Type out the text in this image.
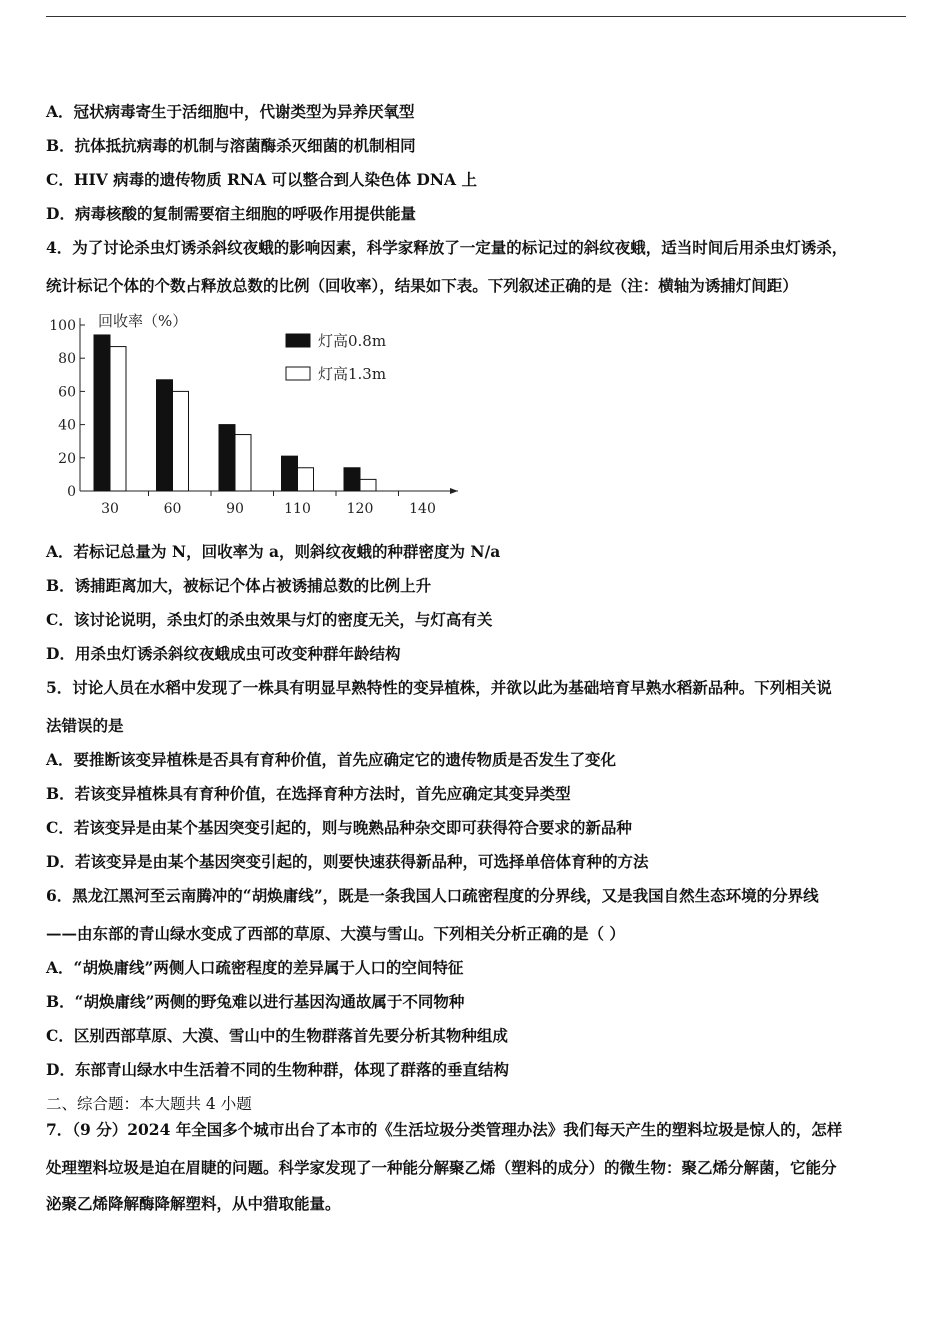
A．冠状病毒寄生于活细胞中，代谢类型为异养厌氧型
B．抗体抵抗病毒的机制与溶菌酶杀灭细菌的机制相同
C．HIV 病毒的遗传物质 RNA 可以整合到人染色体 DNA 上
D．病毒核酸的复制需要宿主细胞的呼吸作用提供能量
4．为了讨论杀虫灯诱杀斜纹夜蛾的影响因素，科学家释放了一定量的标记过的斜纹夜蛾，适当时间后用杀虫灯诱杀，
统计标记个体的个数占释放总数的比例（回收率），结果如下表。下列叙述正确的是（注：横轴为诱捕灯间距）
100
80
60
40
20
0
回收率（%）
30	60	90	110	120	140
灯高0.8m
灯高1.3m
A．若标记总量为 N，回收率为 a，则斜纹夜蛾的种群密度为 N/a
B．诱捕距离加大，被标记个体占被诱捕总数的比例上升
C．该讨论说明，杀虫灯的杀虫效果与灯的密度无关，与灯高有关
D．用杀虫灯诱杀斜纹夜蛾成虫可改变种群年龄结构
5．讨论人员在水稻中发现了一株具有明显早熟特性的变异植株，并欲以此为基础培育早熟水稻新品种。下列相关说
法错误的是
A．要推断该变异植株是否具有育种价值，首先应确定它的遗传物质是否发生了变化
B．若该变异植株具有育种价值，在选择育种方法时，首先应确定其变异类型
C．若该变异是由某个基因突变引起的，则与晚熟品种杂交即可获得符合要求的新品种
D．若该变异是由某个基因突变引起的，则要快速获得新品种，可选择单倍体育种的方法
6．黑龙江黑河至云南腾冲的“胡焕庸线”，既是一条我国人口疏密程度的分界线，又是我国自然生态环境的分界线
——由东部的青山绿水变成了西部的草原、大漠与雪山。下列相关分析正确的是（ ）
A．“胡焕庸线”两侧人口疏密程度的差异属于人口的空间特征
B．“胡焕庸线”两侧的野兔难以进行基因沟通故属于不同物种
C．区别西部草原、大漠、雪山中的生物群落首先要分析其物种组成
D．东部青山绿水中生活着不同的生物种群，体现了群落的垂直结构
二、综合题：本大题共 4 小题
7．（9 分）2024 年全国多个城市出台了本市的《生活垃圾分类管理办法》我们每天产生的塑料垃圾是惊人的，怎样
处理塑料垃圾是迫在眉睫的问题。科学家发现了一种能分解聚乙烯（塑料的成分）的微生物：聚乙烯分解菌，它能分
泌聚乙烯降解酶降解塑料，从中猎取能量。
